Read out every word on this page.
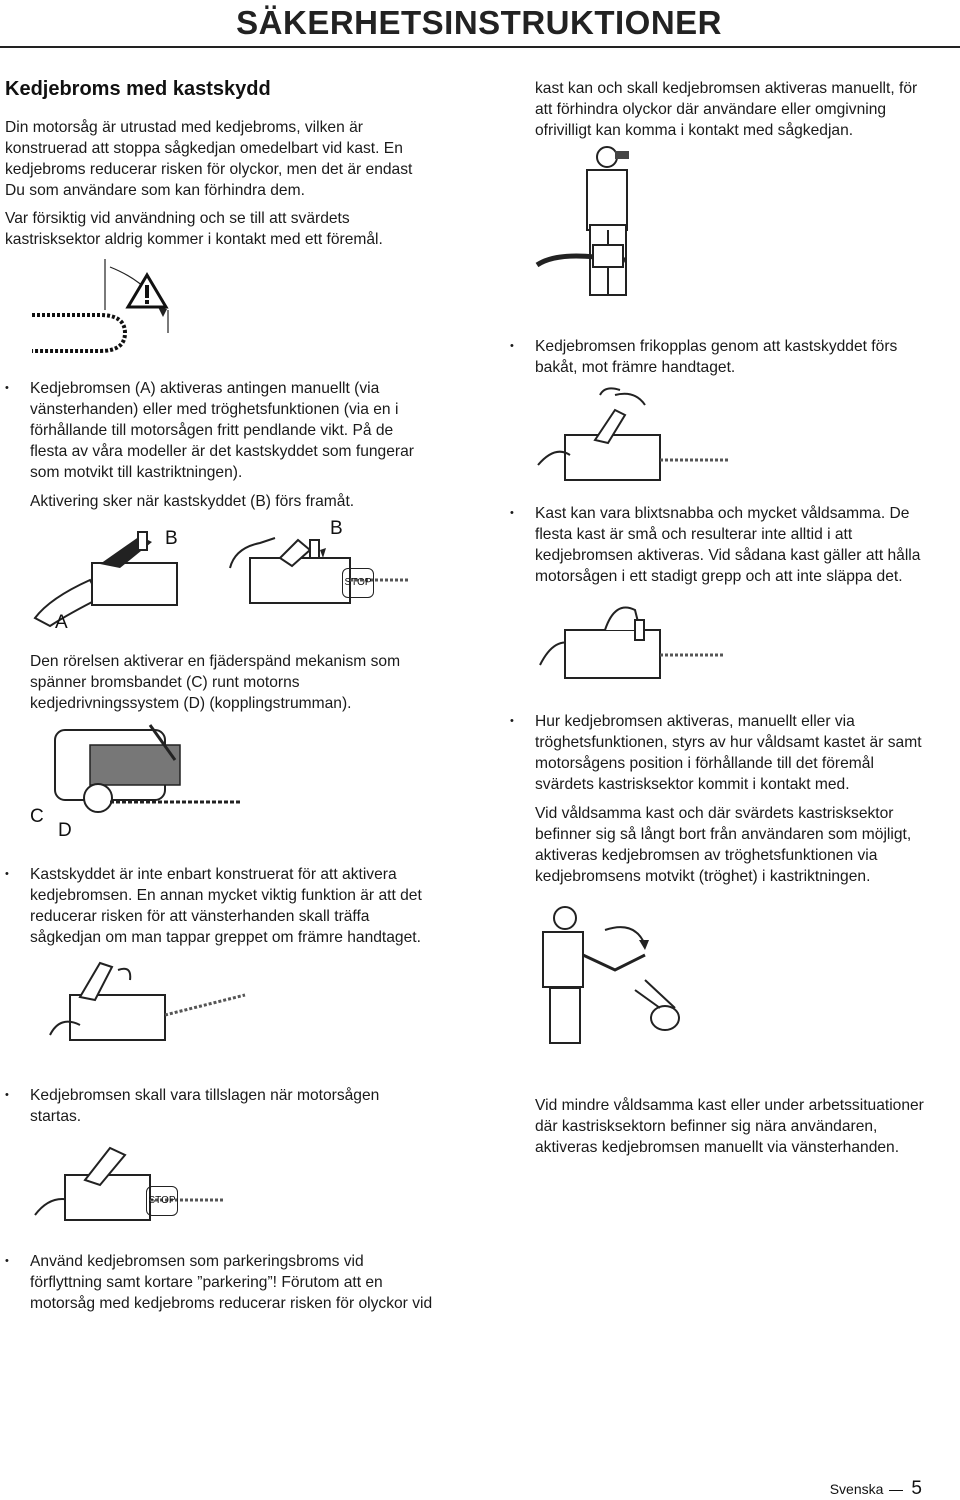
SÄKERHETSINSTRUKTIONER
Kedjebroms med kastskydd
Din motorsåg är utrustad med kedjebroms, vilken är
konstruerad att stoppa sågkedjan omedelbart vid kast. En
kedjebroms reducerar risken för olyckor, men det är endast
Du som användare som kan förhindra dem.
Var försiktig vid användning och se till att svärdets
kastrisksektor aldrig kommer i kontakt med ett föremål.
• Kedjebromsen (A) aktiveras antingen manuellt (via
vänsterhanden) eller med tröghetsfunktionen (via en i
förhållande till motorsågen fritt pendlande vikt. På de
flesta av våra modeller är det kastskyddet som fungerar
som motvikt till kastriktningen).
Aktivering sker när kastskyddet (B) förs framåt.
B	B
STOP
A
Den rörelsen aktiverar en fjäderspänd mekanism som
spänner bromsbandet (C) runt motorns
kedjedrivningssystem (D) (kopplingstrumman).
C
D
• Kastskyddet är inte enbart konstruerat för att aktivera
kedjebromsen. En annan mycket viktig funktion är att det
reducerar risken för att vänsterhanden skall träffa
sågkedjan om man tappar greppet om främre handtaget.
• Kedjebromsen skall vara tillslagen när motorsågen
startas.
STOP
• Använd kedjebromsen som parkeringsbroms vid
förflyttning samt kortare ”parkering”! Förutom att en
motorsåg med kedjebroms reducerar risken för olyckor vid
kast kan och skall kedjebromsen aktiveras manuellt, för
att förhindra olyckor där användare eller omgivning
ofrivilligt kan komma i kontakt med sågkedjan.
• Kedjebromsen frikopplas genom att kastskyddet förs
bakåt, mot främre handtaget.
• Kast kan vara blixtsnabba och mycket våldsamma. De
flesta kast är små och resulterar inte alltid i att
kedjebromsen aktiveras. Vid sådana kast gäller att hålla
motorsågen i ett stadigt grepp och att inte släppa det.
• Hur kedjebromsen aktiveras, manuellt eller via
tröghetsfunktionen, styrs av hur våldsamt kastet är samt
motorsågens position i förhållande till det föremål
svärdets kastrisksektor kommit i kontakt med.
Vid våldsamma kast och där svärdets kastrisksektor
befinner sig så långt bort från användaren som möjligt,
aktiveras kedjebromsen av tröghetsfunktionen via
kedjebromsens motvikt (tröghet) i kastriktningen.
Vid mindre våldsamma kast eller under arbetssituationer
där kastrisksektorn befinner sig nära användaren,
aktiveras kedjebromsen manuellt via vänsterhanden.
Svenska 5
